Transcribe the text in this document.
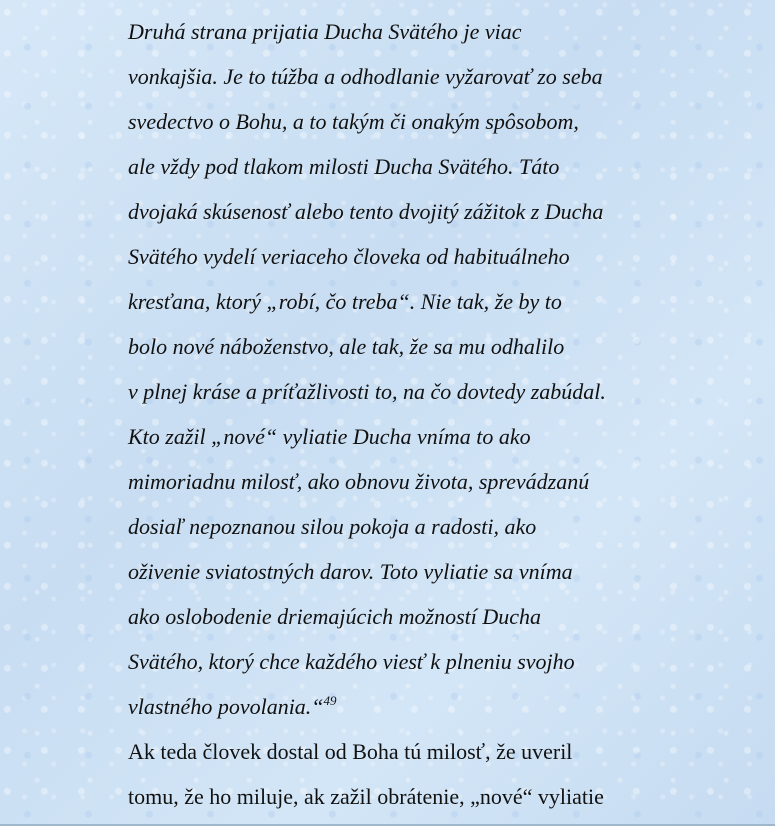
Druhá strana prijatia Ducha Svätého je viac
vonkajšia. Je to túžba a odhodlanie vyžarovať zo seba
svedectvo o Bohu, a to takým či onakým spôsobom,
ale vždy pod tlakom milosti Ducha Svätého. Táto
dvojaká skúsenosť alebo tento dvojitý zážitok z Ducha
Svätého vydelí veriaceho človeka od habituálneho
kresťana, ktorý „robí, čo treba“. Nie tak, že by to
bolo nové náboženstvo, ale tak, že sa mu odhalilo
v plnej kráse a príťažlivosti to, na čo dovtedy zabúdal.
Kto zažil „nové“ vyliatie Ducha vníma to ako
mimoriadnu milosť, ako obnovu života, sprevádzanú
dosiaľ nepoznanou silou pokoja a radosti, ako
oživenie sviatostných darov. Toto vyliatie sa vníma
ako oslobodenie driemajúcich možností Ducha
Svätého, ktorý chce každého viesť k plneniu svojho
vlastného povolania.“$^{49}$
Ak teda človek dostal od Boha tú milosť, že uveril
tomu, že ho miluje, ak zažil obrátenie, „nové“ vyliatie
